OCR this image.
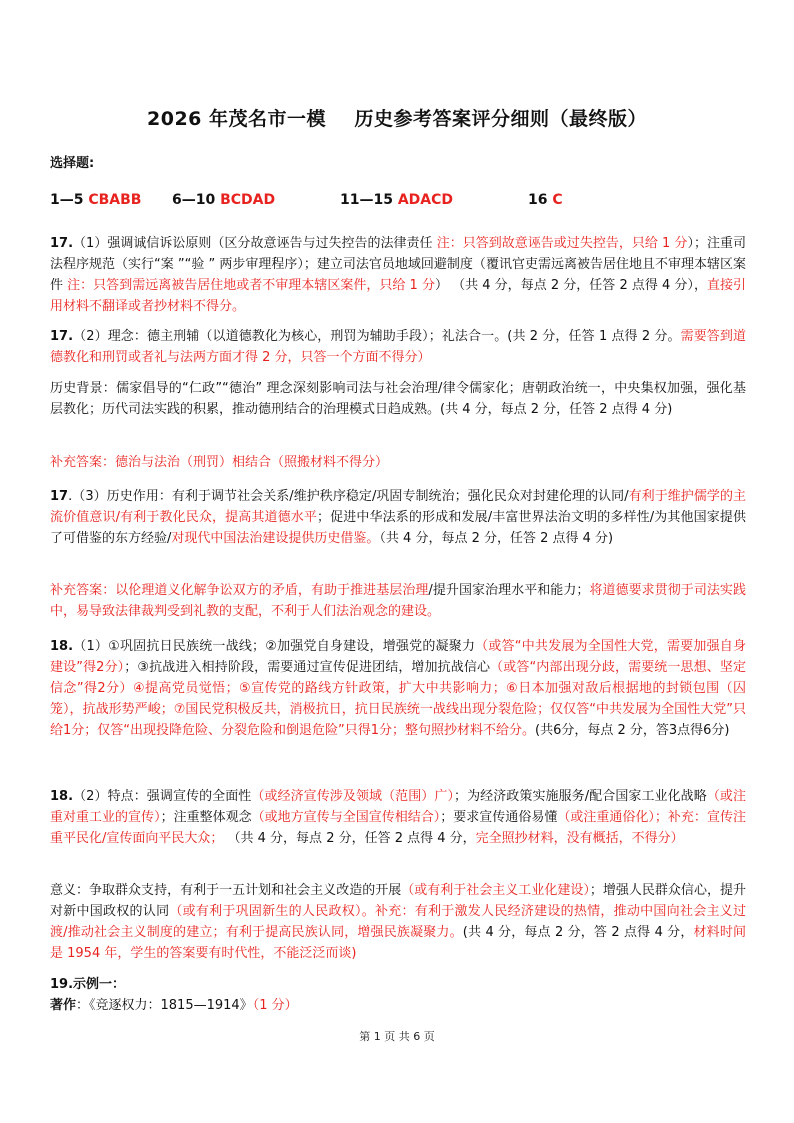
2026 年茂名市一模    历史参考答案评分细则（最终版）
选择题:
1—5 CBABB 6—10 BCDAD	11—15 ADACD	16 C
17.（1）强调诚信诉讼原则（区分故意诬告与过失控告的法律责任 注：只答到故意诬告或过失控告，只给 1 分）；注重司法程序规范（实行“案 ”“验 ” 两步审理程序）；建立司法官员地域回避制度（覆讯官吏需远离被告居住地且不审理本辖区案件 注：只答到需远离被告居住地或者不审理本辖区案件，只给 1 分） （共 4 分，每点 2 分，任答 2 点得 4 分），直接引用材料不翻译或者抄材料不得分。
17.（2）理念：德主刑辅（以道德教化为核心，刑罚为辅助手段）；礼法合一。(共 2 分，任答 1 点得 2 分。需要答到道德教化和刑罚或者礼与法两方面才得 2 分，只答一个方面不得分）
历史背景：儒家倡导的“仁政”“德治” 理念深刻影响司法与社会治理/律令儒家化；唐朝政治统一，中央集权加强，强化基层教化；历代司法实践的积累，推动德刑结合的治理模式日趋成熟。(共 4 分，每点 2 分，任答 2 点得 4 分)
补充答案：德治与法治（刑罚）相结合（照搬材料不得分）
17.（3）历史作用：有利于调节社会关系/维护秩序稳定/巩固专制统治；强化民众对封建伦理的认同/有利于维护儒学的主流价值意识/有利于教化民众，提高其道德水平；促进中华法系的形成和发展/丰富世界法治文明的多样性/为其他国家提供了可借鉴的东方经验/对现代中国法治建设提供历史借鉴。（共 4 分，每点 2 分，任答 2 点得 4 分)
补充答案：以伦理道义化解争讼双方的矛盾，有助于推进基层治理/提升国家治理水平和能力；将道德要求贯彻于司法实践中，易导致法律裁判受到礼教的支配，不利于人们法治观念的建设。
18.（1）①巩固抗日民族统一战线；②加强党自身建设，增强党的凝聚力（或答“中共发展为全国性大党，需要加强自身建设”得2分）；③抗战进入相持阶段，需要通过宣传促进团结，增加抗战信心（或答“内部出现分歧，需要统一思想、坚定信念”得2分）④提高党员觉悟；⑤宣传党的路线方针政策，扩大中共影响力；⑥日本加强对敌后根据地的封锁包围（囚笼），抗战形势严峻；⑦国民党积极反共，消极抗日，抗日民族统一战线出现分裂危险；仅仅答“中共发展为全国性大党”只给1分；仅答“出现投降危险、分裂危险和倒退危险”只得1分；整句照抄材料不给分。(共6分，每点 2 分，答3点得6分)
18.（2）特点：强调宣传的全面性（或经济宣传涉及领域（范围）广）；为经济政策实施服务/配合国家工业化战略（或注重对重工业的宣传）；注重整体观念（或地方宣传与全国宣传相结合）；要求宣传通俗易懂（或注重通俗化）；补充：宣传注重平民化/宣传面向平民大众； （共 4 分，每点 2 分，任答 2 点得 4 分，完全照抄材料，没有概括，不得分）
意义：争取群众支持，有利于一五计划和社会主义改造的开展（或有利于社会主义工业化建设）；增强人民群众信心，提升对新中国政权的认同（或有利于巩固新生的人民政权）。补充：有利于激发人民经济建设的热情，推动中国向社会主义过渡/推动社会主义制度的建立；有利于提高民族认同，增强民族凝聚力。(共 4 分，每点 2 分，答 2 点得 4 分，材料时间是 1954 年，学生的答案要有时代性，不能泛泛而谈)
19.示例一：
著作：《竞逐权力：1815—1914》（1 分）
第 1 页 共 6 页
